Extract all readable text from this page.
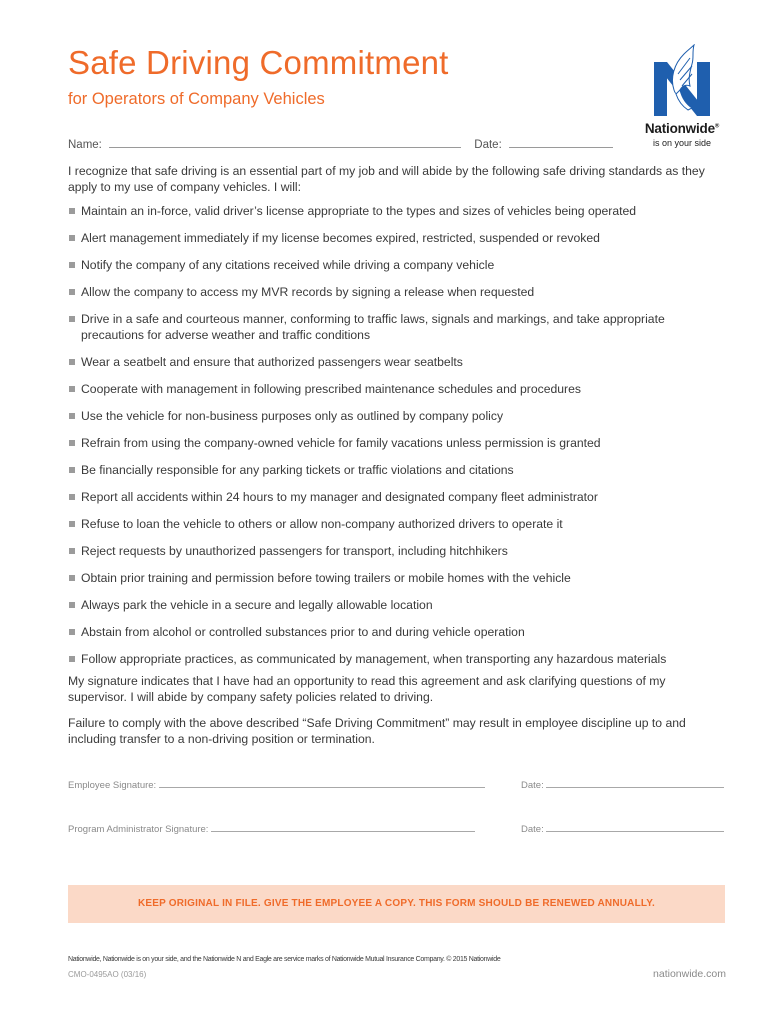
Safe Driving Commitment
for Operators of Company Vehicles
Nationwide®
is on your side
Name:	Date:
I recognize that safe driving is an essential part of my job and will abide by the following safe driving standards as they apply to my use of company vehicles. I will:
Maintain an in-force, valid driver’s license appropriate to the types and sizes of vehicles being operated
Alert management immediately if my license becomes expired, restricted, suspended or revoked
Notify the company of any citations received while driving a company vehicle
Allow the company to access my MVR records by signing a release when requested
Drive in a safe and courteous manner, conforming to traffic laws, signals and markings, and take appropriate precautions for adverse weather and traffic conditions
Wear a seatbelt and ensure that authorized passengers wear seatbelts
Cooperate with management in following prescribed maintenance schedules and procedures
Use the vehicle for non-business purposes only as outlined by company policy
Refrain from using the company-owned vehicle for family vacations unless permission is granted
Be financially responsible for any parking tickets or traffic violations and citations
Report all accidents within 24 hours to my manager and designated company fleet administrator
Refuse to loan the vehicle to others or allow non-company authorized drivers to operate it
Reject requests by unauthorized passengers for transport, including hitchhikers
Obtain prior training and permission before towing trailers or mobile homes with the vehicle
Always park the vehicle in a secure and legally allowable location
Abstain from alcohol or controlled substances prior to and during vehicle operation
Follow appropriate practices, as communicated by management, when transporting any hazardous materials
My signature indicates that I have had an opportunity to read this agreement and ask clarifying questions of my supervisor. I will abide by company safety policies related to driving.
Failure to comply with the above described “Safe Driving Commitment” may result in employee discipline up to and including transfer to a non-driving position or termination.
Employee Signature:	Date:
Program Administrator Signature:	Date:
KEEP ORIGINAL IN FILE. GIVE THE EMPLOYEE A COPY. THIS FORM SHOULD BE RENEWED ANNUALLY.
Nationwide, Nationwide is on your side, and the Nationwide N and Eagle are service marks of Nationwide Mutual Insurance Company. © 2015 Nationwide
CMO-0495AO (03/16)	nationwide.com
